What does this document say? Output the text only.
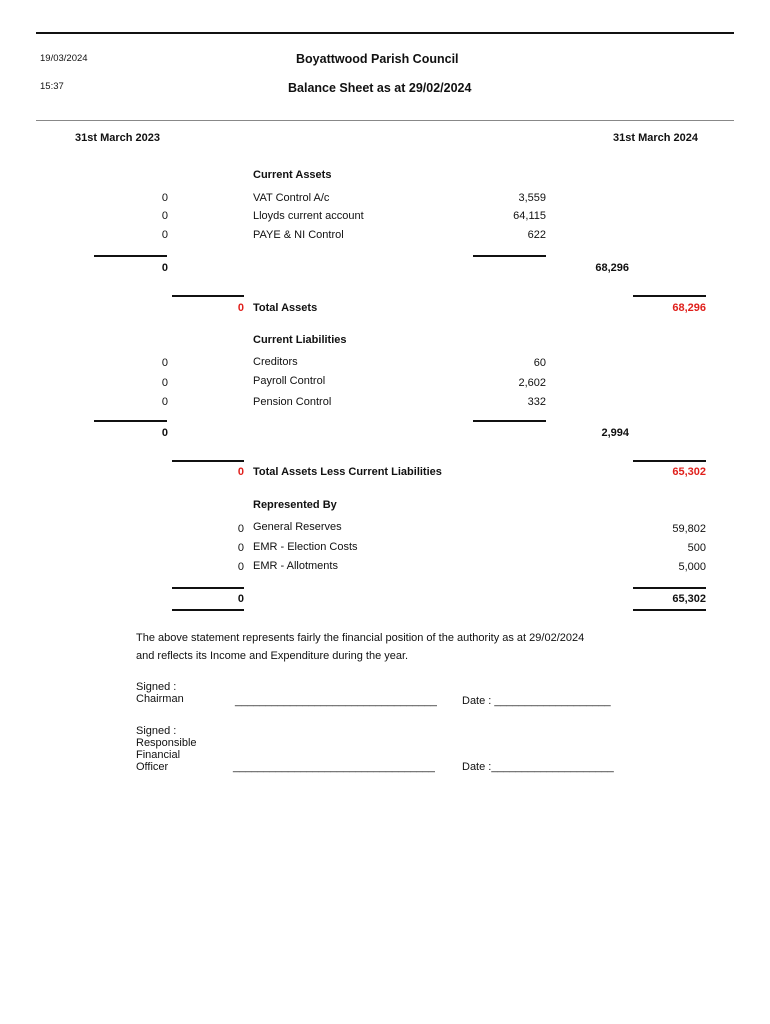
19/03/2024
15:37
Boyattwood Parish Council
Balance Sheet as at 29/02/2024
31st March 2023	31st March 2024
Current Assets
0	VAT Control A/c	3,559
0	Lloyds current account	64,115
0	PAYE & NI Control	622
0	68,296
0 Total Assets	68,296
Current Liabilities
0	Creditors	60
0	Payroll Control	2,602
0	Pension Control	332
0	2,994
0 Total Assets Less Current Liabilities	65,302
Represented By
0 General Reserves	59,802
0 EMR - Election Costs	500
0 EMR - Allotments	5,000
0	65,302
The above statement represents fairly the financial position of the authority as at 29/02/2024
and reflects its Income and Expenditure during the year.
Signed :
Chairman	_________________________________ Date : ___________________
Signed :
Responsible
Financial
Officer	_________________________________ Date :____________________
